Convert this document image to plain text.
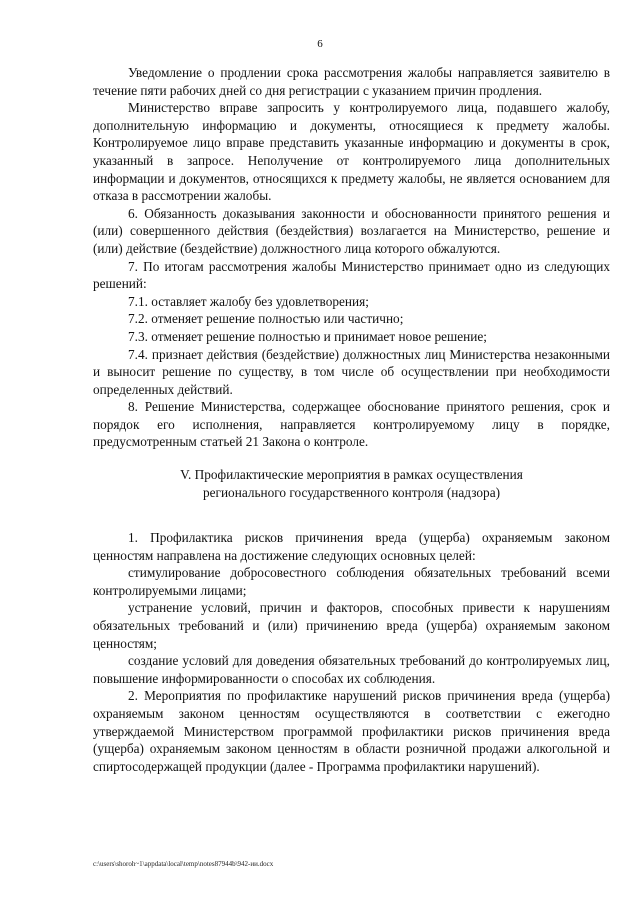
6

Уведомление о продлении срока рассмотрения жалобы направляется заявителю в течение пяти рабочих дней со дня регистрации с указанием причин продления.

Министерство вправе запросить у контролируемого лица, подавшего жалобу, дополнительную информацию и документы, относящиеся к предмету жалобы. Контролируемое лицо вправе представить указанные информацию и документы в срок, указанный в запросе. Неполучение от контролируемого лица дополнительных информации и документов, относящихся к предмету жалобы, не является основанием для отказа в рассмотрении жалобы.

6. Обязанность доказывания законности и обоснованности принятого решения и (или) совершенного действия (бездействия) возлагается на Министерство, решение и (или) действие (бездействие) должностного лица которого обжалуются.

7. По итогам рассмотрения жалобы Министерство принимает одно из следующих решений:

7.1. оставляет жалобу без удовлетворения;

7.2. отменяет решение полностью или частично;

7.3. отменяет решение полностью и принимает новое решение;

7.4. признает действия (бездействие) должностных лиц Министерства незаконными и выносит решение по существу, в том числе об осуществлении при необходимости определенных действий.

8. Решение Министерства, содержащее обоснование принятого решения, срок и порядок его исполнения, направляется контролируемому лицу в порядке, предусмотренным статьей 21 Закона о контроле.

V. Профилактические мероприятия в рамках осуществления
регионального государственного контроля (надзора)

1. Профилактика рисков причинения вреда (ущерба) охраняемым законом ценностям направлена на достижение следующих основных целей:

стимулирование добросовестного соблюдения обязательных требований всеми контролируемыми лицами;

устранение условий, причин и факторов, способных привести к нарушениям обязательных требований и (или) причинению вреда (ущерба) охраняемым законом ценностям;

создание условий для доведения обязательных требований до контролируемых лиц, повышение информированности о способах их соблюдения.

2. Мероприятия по профилактике нарушений рисков причинения вреда (ущерба) охраняемым законом ценностям осуществляются в соответствии с ежегодно утверждаемой Министерством программой профилактики рисков причинения вреда (ущерба) охраняемым законом ценностям в области розничной продажи алкогольной и спиртосодержащей продукции (далее - Программа профилактики нарушений).

c:\users\shoroh~1\appdata\local\temp\notes87944b\942-ии.docx
